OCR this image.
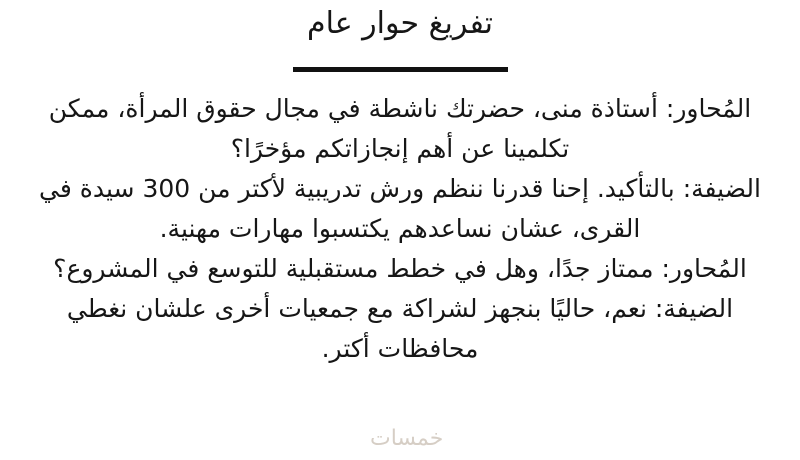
خمسات
تفريغ حوار عام

المُحاور: أستاذة منى، حضرتك ناشطة في مجال حقوق المرأة، ممكن تكلمينا عن أهم إنجازاتكم مؤخرًا؟

الضيفة: بالتأكيد. إحنا قدرنا ننظم ورش تدريبية لأكتر من 300 سيدة في القرى، عشان نساعدهم يكتسبوا مهارات مهنية.

المُحاور: ممتاز جدًا، وهل في خطط مستقبلية للتوسع في المشروع؟

الضيفة: نعم، حاليًا بنجهز لشراكة مع جمعيات أخرى علشان نغطي محافظات أكتر.
